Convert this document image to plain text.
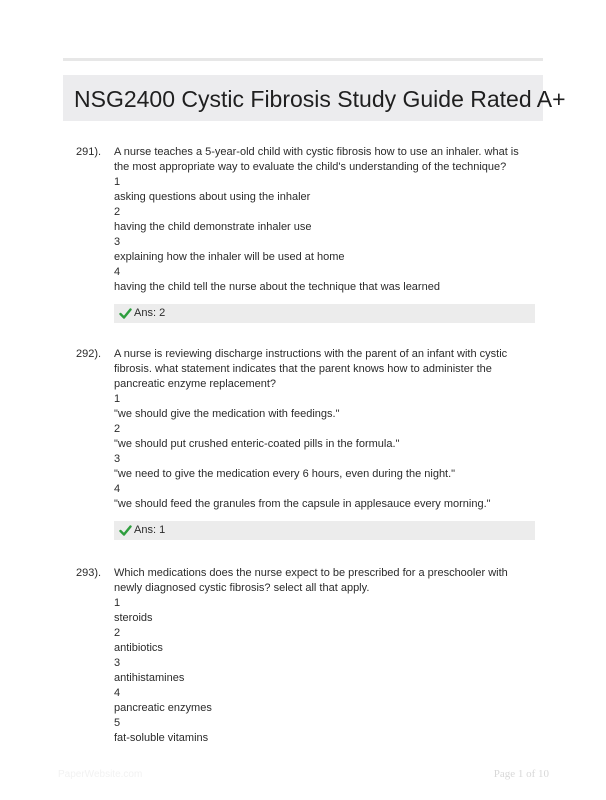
NSG2400 Cystic Fibrosis Study Guide Rated A+
291). A nurse teaches a 5-year-old child with cystic fibrosis how to use an inhaler. what is the most appropriate way to evaluate the child's understanding of the technique?

1
asking questions about using the inhaler
2
having the child demonstrate inhaler use
3
explaining how the inhaler will be used at home
4
having the child tell the nurse about the technique that was learned
Ans: 2
292). A nurse is reviewing discharge instructions with the parent of an infant with cystic fibrosis. what statement indicates that the parent knows how to administer the pancreatic enzyme replacement?

1
"we should give the medication with feedings."
2
"we should put crushed enteric-coated pills in the formula."
3
"we need to give the medication every 6 hours, even during the night."
4
"we should feed the granules from the capsule in applesauce every morning."
Ans: 1
293). Which medications does the nurse expect to be prescribed for a preschooler with newly diagnosed cystic fibrosis? select all that apply.

1
steroids
2
antibiotics
3
antihistamines
4
pancreatic enzymes
5
fat-soluble vitamins
PaperWebsite.com	Page 1 of 10
